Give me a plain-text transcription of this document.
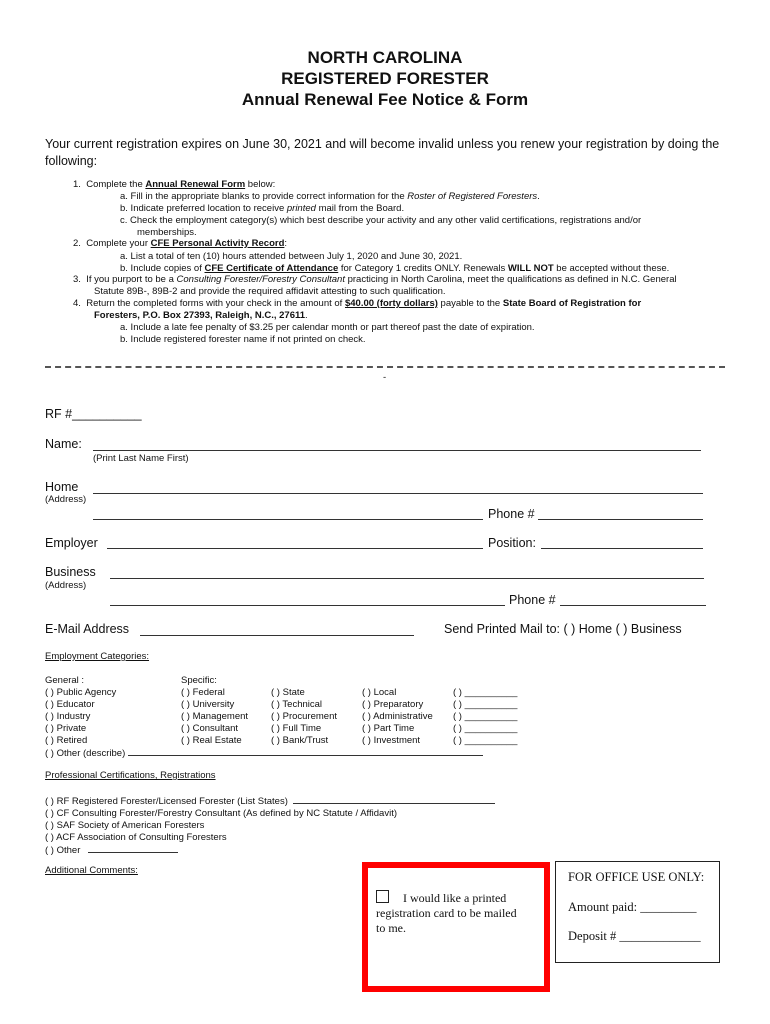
NORTH CAROLINA
REGISTERED FORESTER
Annual Renewal Fee Notice & Form
Your current registration expires on June 30, 2021 and will become invalid unless you renew your registration by doing the following:
1. Complete the Annual Renewal Form below:
a. Fill in the appropriate blanks to provide correct information for the Roster of Registered Foresters.
b. Indicate preferred location to receive printed mail from the Board.
c. Check the employment category(s) which best describe your activity and any other valid certifications, registrations and/or
memberships.
2. Complete your CFE Personal Activity Record:
a. List a total of ten (10) hours attended between July 1, 2020 and June 30, 2021.
b. Include copies of CFE Certificate of Attendance for Category 1 credits ONLY. Renewals WILL NOT be accepted without these.
3. If you purport to be a Consulting Forester/Forestry Consultant practicing in North Carolina, meet the qualifications as defined in N.C. General
Statute 89B-, 89B-2 and provide the required affidavit attesting to such qualification.
4. Return the completed forms with your check in the amount of $40.00 (forty dollars) payable to the State Board of Registration for
Foresters, P.O. Box 27393, Raleigh, N.C., 27611.
a. Include a late fee penalty of $3.25 per calendar month or part thereof past the date of expiration.
b. Include registered forester name if not printed on check.
-
RF #__________
Name:
(Print Last Name First)
Home
(Address)
Phone #
Employer	Position:
Business
(Address)
Phone #
E-Mail Address	Send Printed Mail to: ( ) Home ( ) Business
Employment Categories:
General :
( ) Public Agency
( ) Educator
( ) Industry
( ) Private
( ) Retired
( ) Other (describe)
Specific:
( ) Federal
( ) University
( ) Management
( ) Consultant
( ) Real Estate
( ) State
( ) Technical
( ) Procurement
( ) Full Time
( ) Bank/Trust
( ) Local
( ) Preparatory
( ) Administrative
( ) Part Time
( ) Investment
( ) __________
( ) __________
( ) __________
( ) __________
( ) __________
Professional Certifications, Registrations
( ) RF Registered Forester/Licensed Forester (List States)
( ) CF Consulting Forester/Forestry Consultant (As defined by NC Statute / Affidavit)
( ) SAF Society of American Foresters
( ) ACF Association of Consulting Foresters
( ) Other
Additional Comments:
I would like a printed
registration card to be mailed
to me.
FOR OFFICE USE ONLY:
Amount paid: _________
Deposit # _____________
